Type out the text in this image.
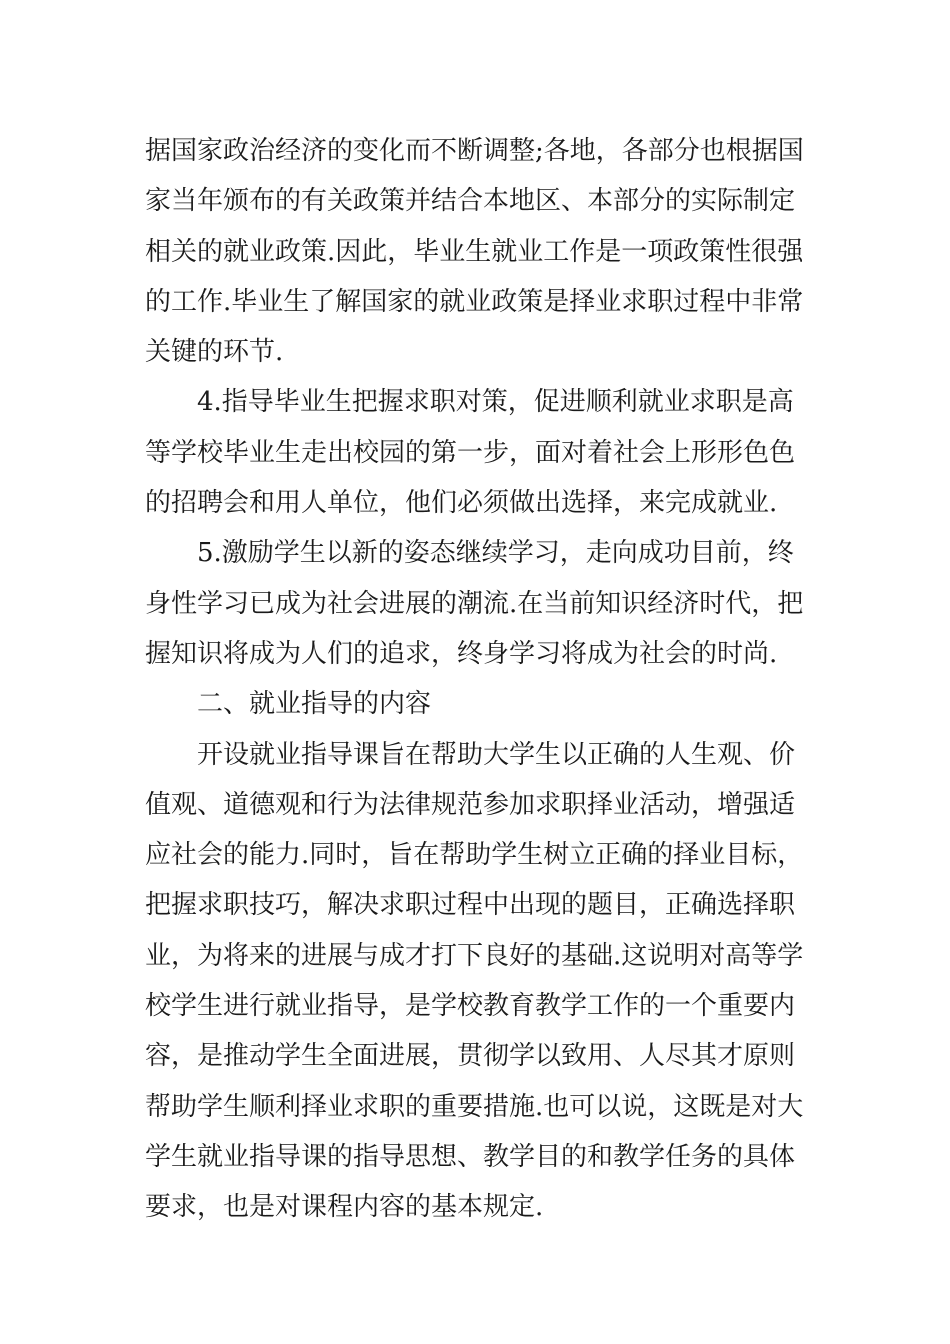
据国家政治经济的变化而不断调整;各地，各部分也根据国
家当年颁布的有关政策并结合本地区、本部分的实际制定
相关的就业政策.因此，毕业生就业工作是一项政策性很强
的工作.毕业生了解国家的就业政策是择业求职过程中非常
关键的环节.
4.指导毕业生把握求职对策，促进顺利就业求职是高
等学校毕业生走出校园的第一步，面对着社会上形形色色
的招聘会和用人单位，他们必须做出选择，来完成就业.
5.激励学生以新的姿态继续学习，走向成功目前，终
身性学习已成为社会进展的潮流.在当前知识经济时代，把
握知识将成为人们的追求，终身学习将成为社会的时尚.
二、就业指导的内容
开设就业指导课旨在帮助大学生以正确的人生观、价
值观、道德观和行为法律规范参加求职择业活动，增强适
应社会的能力.同时，旨在帮助学生树立正确的择业目标，
把握求职技巧，解决求职过程中出现的题目，正确选择职
业，为将来的进展与成才打下良好的基础.这说明对高等学
校学生进行就业指导，是学校教育教学工作的一个重要内
容，是推动学生全面进展，贯彻学以致用、人尽其才原则
帮助学生顺利择业求职的重要措施.也可以说，这既是对大
学生就业指导课的指导思想、教学目的和教学任务的具体
要求，也是对课程内容的基本规定.
